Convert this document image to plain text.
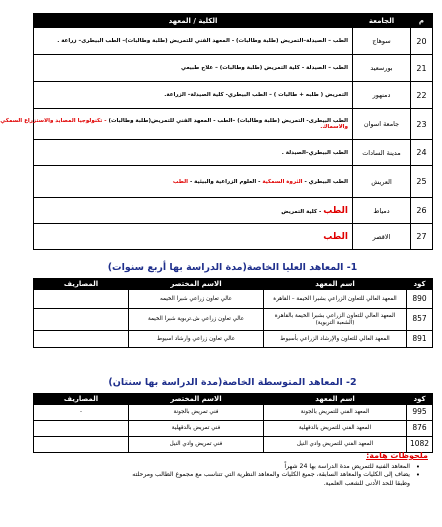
م	الجامعة	الكلية / المعهد
20	سوهاج	الطب – الصيدلة–التمريض (طلبة وطالبات) - المعهد الفني للتمريض (طلبة وطالبات)– الطب البيطرى– زراعة .
21	بورسعيد	الطب – الصيدلة - كلية التمريض (طلبة وطالبات) – علاج طبيعي
22	دمنهور	التمريض ( طلبه + طالبات ) – الطب البيطري- كلية الصيدلة– الزراعة.
23	جامعة اسوان	الطب البيطرى- التمريض (طلبة وطالبات) –الطب - المعهد الفني للتمريض(طلبة وطالبات) - تكنولوجيا المصايد والاستزراع السمكي
والاسماك.

24	مدينة السادات	الطب البيطري–الصيدلة .
25	العريش	الطب البيطري - الثروة السمكية - العلوم الزراعية والبيئية - الطب
26	دمياط	الطب - كلية التمريض
27	الاقصر	الطب
1- المعاهد العليا الخاصة(مدة الدراسة بها أربع سنوات)
كود	اسم المعهد	الاسم المختصر	المصاريف
890	المعهد العالي للتعاون الزراعي بشبرا الخيمة – القاهرة	عالي تعاون زراعي شبرا الخيمه	
857	المعهد العالي للتعاون الزراعي بشبرا الخيمة بالقاهرة
(الشعبة التربوية)	عالي تعاون زراعي ش.تربوية شبرا الخيمة	
891	المعهد العالي للتعاون والإرشاد الزراعي بأسيوط	عالي تعاون زراعي وارشاد اسيوط	
2- المعاهد المتوسطة الخاصة(مدة الدراسة بها سنتان)
كود	اسم المعهد	الاسم المختصر	المصاريف
995	المعهد الفني للتمريض بالجونة	فني تمريض بالجونة	-
876	المعهد الفني للتمريض بالدقهلية	فني تمريض بالدقهلية	
1082	المعهد الفني للتمريض وادي النيل	فني تمريض وادي النيل	
ملحوظات هامة:
•
المعاهد الفنية للتمريض مدة الدراسة بها 24 شهراً
•
يضاف إلى الكليات والمعاهد السابقة، جميع الكليات والمعاهد النظرية التي تتناسب مع مجموع الطالب ومرحلته
وطبقا للحد الأدنى للشعب العلمية.
